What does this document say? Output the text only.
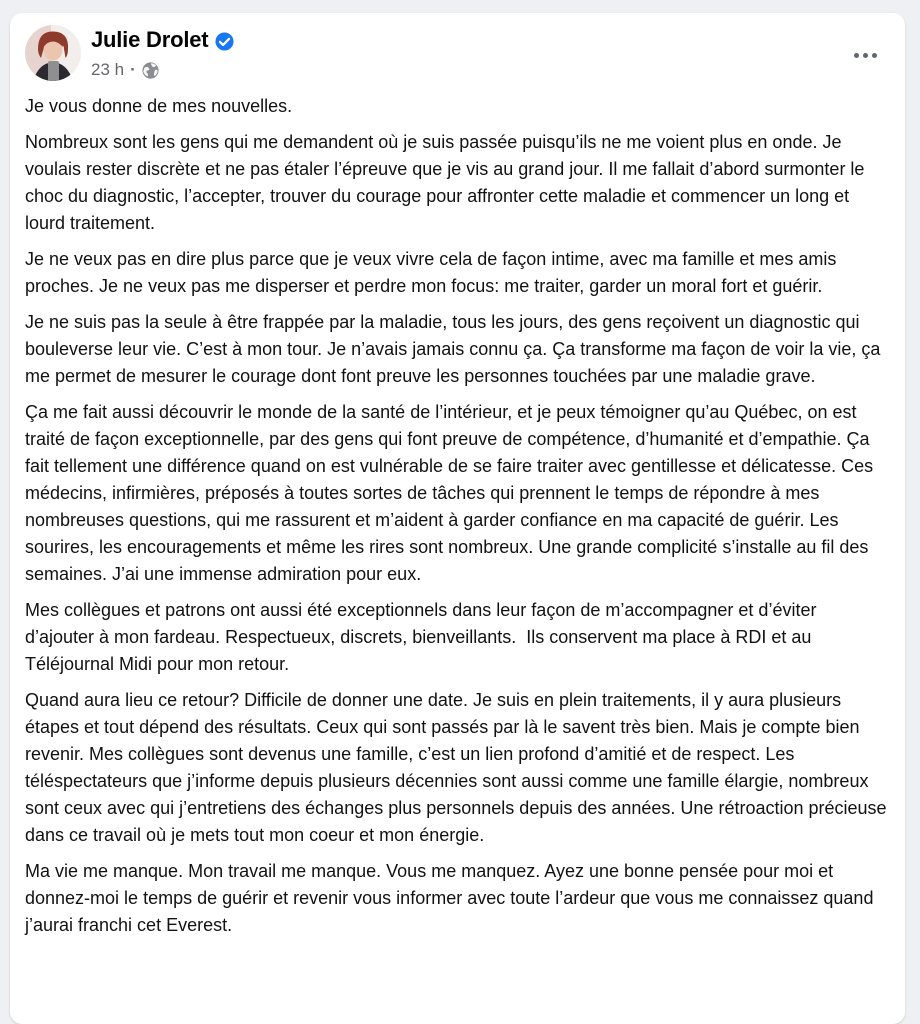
Julie Drolet
23 h ·

Je vous donne de mes nouvelles.

Nombreux sont les gens qui me demandent où je suis passée puisqu’ils ne me voient plus en onde. Je voulais rester discrète et ne pas étaler l’épreuve que je vis au grand jour. Il me fallait d’abord surmonter le choc du diagnostic, l’accepter, trouver du courage pour affronter cette maladie et commencer un long et lourd traitement.

Je ne veux pas en dire plus parce que je veux vivre cela de façon intime, avec ma famille et mes amis proches. Je ne veux pas me disperser et perdre mon focus: me traiter, garder un moral fort et guérir.

Je ne suis pas la seule à être frappée par la maladie, tous les jours, des gens reçoivent un diagnostic qui bouleverse leur vie. C’est à mon tour. Je n’avais jamais connu ça. Ça transforme ma façon de voir la vie, ça me permet de mesurer le courage dont font preuve les personnes touchées par une maladie grave.

Ça me fait aussi découvrir le monde de la santé de l’intérieur, et je peux témoigner qu’au Québec, on est traité de façon exceptionnelle, par des gens qui font preuve de compétence, d’humanité et d’empathie. Ça fait tellement une différence quand on est vulnérable de se faire traiter avec gentillesse et délicatesse. Ces médecins, infirmières, préposés à toutes sortes de tâches qui prennent le temps de répondre à mes nombreuses questions, qui me rassurent et m’aident à garder confiance en ma capacité de guérir. Les sourires, les encouragements et même les rires sont nombreux. Une grande complicité s’installe au fil des semaines. J’ai une immense admiration pour eux.

Mes collègues et patrons ont aussi été exceptionnels dans leur façon de m’accompagner et d’éviter d’ajouter à mon fardeau. Respectueux, discrets, bienveillants.  Ils conservent ma place à RDI et au Téléjournal Midi pour mon retour.

Quand aura lieu ce retour? Difficile de donner une date. Je suis en plein traitements, il y aura plusieurs étapes et tout dépend des résultats. Ceux qui sont passés par là le savent très bien. Mais je compte bien revenir. Mes collègues sont devenus une famille, c’est un lien profond d’amitié et de respect. Les téléspectateurs que j’informe depuis plusieurs décennies sont aussi comme une famille élargie, nombreux sont ceux avec qui j’entretiens des échanges plus personnels depuis des années. Une rétroaction précieuse dans ce travail où je mets tout mon coeur et mon énergie.

Ma vie me manque. Mon travail me manque. Vous me manquez. Ayez une bonne pensée pour moi et donnez-moi le temps de guérir et revenir vous informer avec toute l’ardeur que vous me connaissez quand j’aurai franchi cet Everest.
